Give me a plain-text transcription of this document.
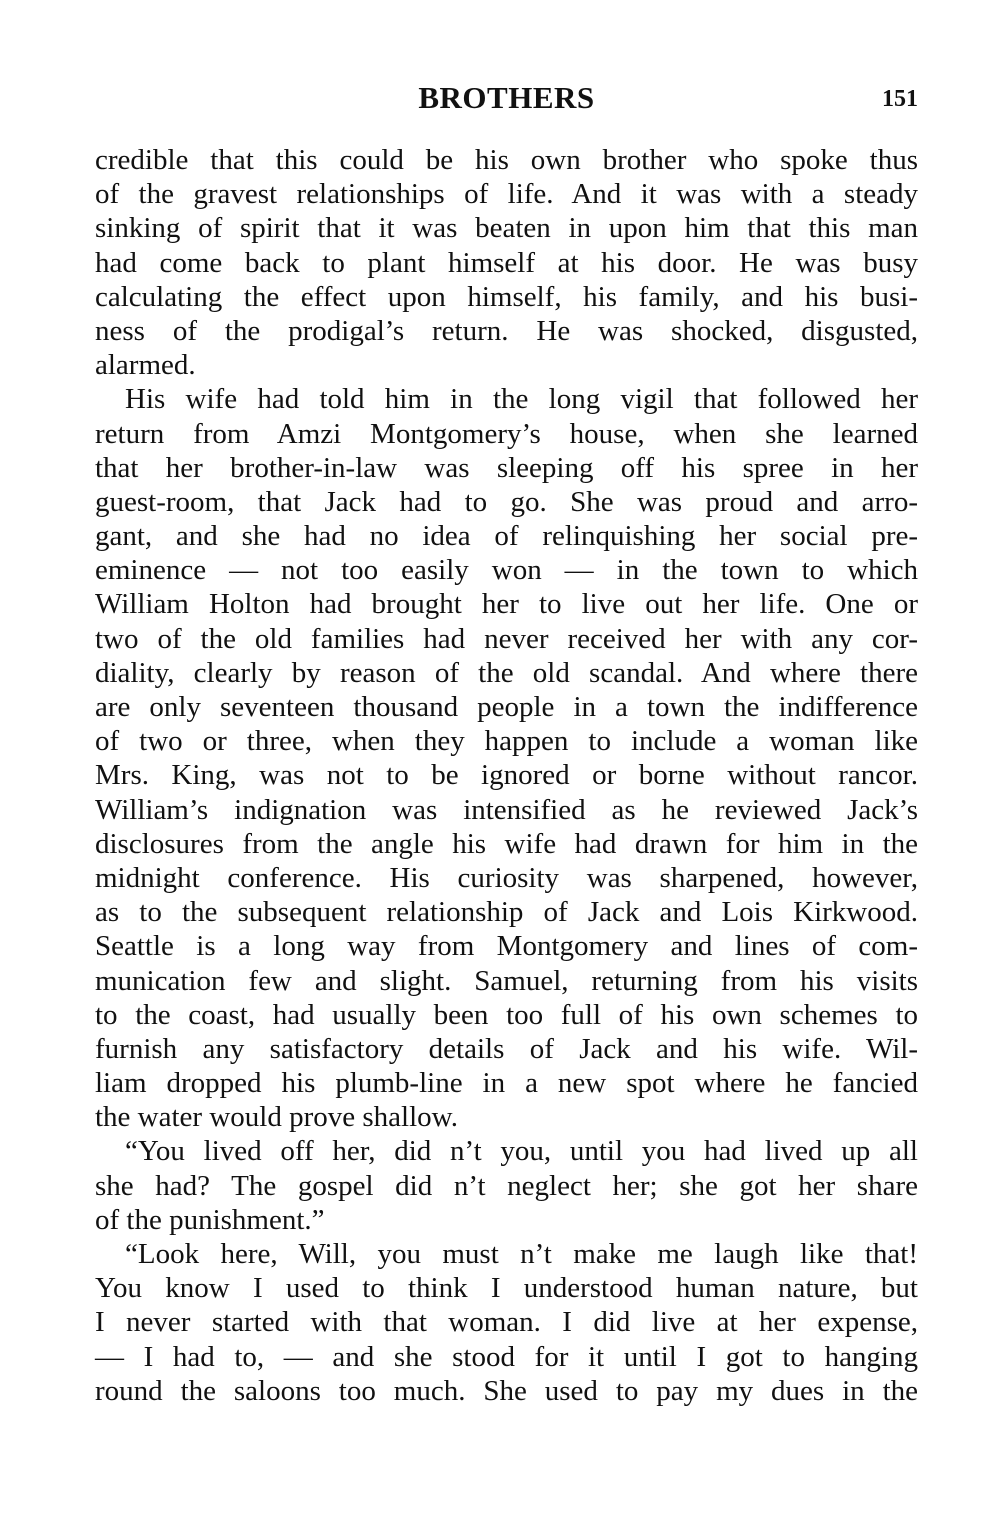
BROTHERS	151
credible that this could be his own brother who spoke thus
of the gravest relationships of life. And it was with a steady
sinking of spirit that it was beaten in upon him that this man
had come back to plant himself at his door. He was busy
calculating the effect upon himself, his family, and his busi-
ness of the prodigal’s return. He was shocked, disgusted,
alarmed.
His wife had told him in the long vigil that followed her
return from Amzi Montgomery’s house, when she learned
that her brother-in-law was sleeping off his spree in her
guest-room, that Jack had to go. She was proud and arro-
gant, and she had no idea of relinquishing her social pre-
eminence — not too easily won — in the town to which
William Holton had brought her to live out her life. One or
two of the old families had never received her with any cor-
diality, clearly by reason of the old scandal. And where there
are only seventeen thousand people in a town the indifference
of two or three, when they happen to include a woman like
Mrs. King, was not to be ignored or borne without rancor.
William’s indignation was intensified as he reviewed Jack’s
disclosures from the angle his wife had drawn for him in the
midnight conference. His curiosity was sharpened, however,
as to the subsequent relationship of Jack and Lois Kirkwood.
Seattle is a long way from Montgomery and lines of com-
munication few and slight. Samuel, returning from his visits
to the coast, had usually been too full of his own schemes to
furnish any satisfactory details of Jack and his wife. Wil-
liam dropped his plumb-line in a new spot where he fancied
the water would prove shallow.
“You lived off her, did n’t you, until you had lived up all
she had? The gospel did n’t neglect her; she got her share
of the punishment.”
“Look here, Will, you must n’t make me laugh like that!
You know I used to think I understood human nature, but
I never started with that woman. I did live at her expense,
— I had to, — and she stood for it until I got to hanging
round the saloons too much. She used to pay my dues in the
